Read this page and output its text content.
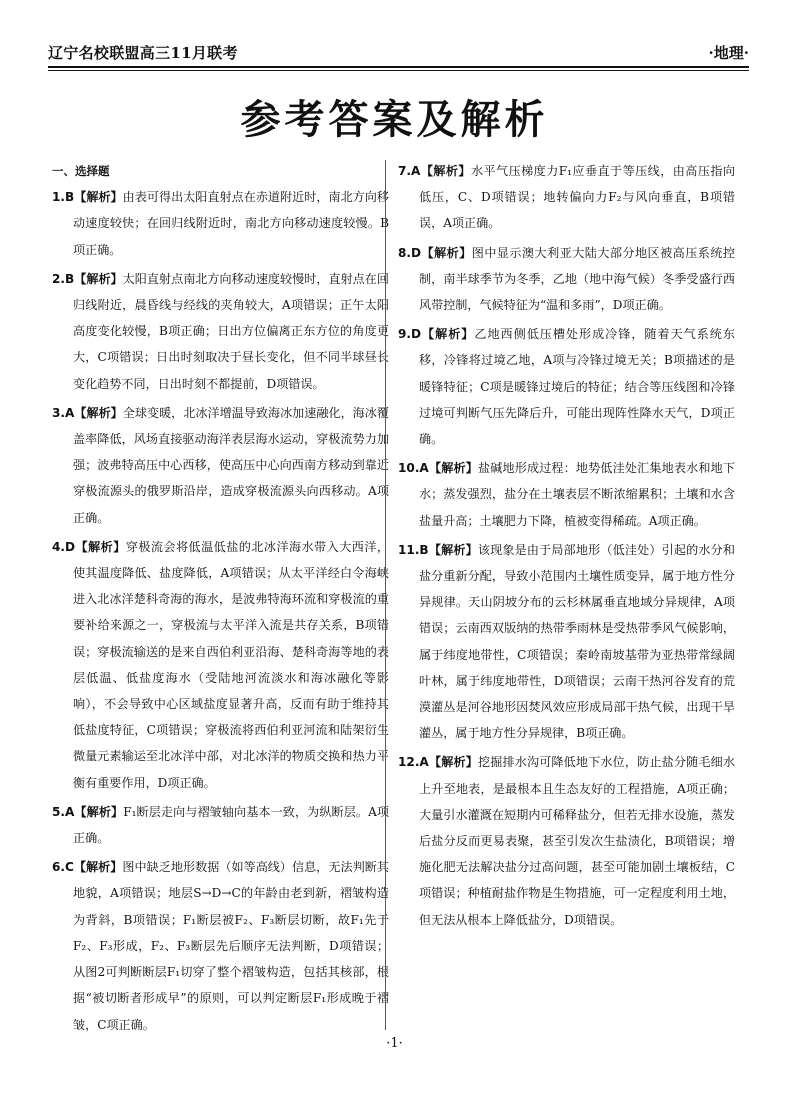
辽宁名校联盟高三11月联考	·地理·
参考答案及解析
一、选择题
1.B【解析】由表可得出太阳直射点在赤道附近时，南北方向移动速度较快；在回归线附近时，南北方向移动速度较慢。B项正确。
2.B【解析】太阳直射点南北方向移动速度较慢时，直射点在回归线附近，晨昏线与经线的夹角较大，A项错误；正午太阳高度变化较慢，B项正确；日出方位偏离正东方位的角度更大，C项错误；日出时刻取决于昼长变化，但不同半球昼长变化趋势不同，日出时刻不都提前，D项错误。
3.A【解析】全球变暖，北冰洋增温导致海冰加速融化，海冰覆盖率降低，风场直接驱动海洋表层海水运动，穿极流势力加强；波弗特高压中心西移，使高压中心向西南方移动到靠近穿极流源头的俄罗斯沿岸，造成穿极流源头向西移动。A项正确。
4.D【解析】穿极流会将低温低盐的北冰洋海水带入大西洋，使其温度降低、盐度降低，A项错误；从太平洋经白令海峡进入北冰洋楚科奇海的海水，是波弗特海环流和穿极流的重要补给来源之一，穿极流与太平洋入流是共存关系，B项错误；穿极流输送的是来自西伯利亚沿海、楚科奇海等地的表层低温、低盐度海水（受陆地河流淡水和海冰融化等影响），不会导致中心区域盐度显著升高，反而有助于维持其低盐度特征，C项错误；穿极流将西伯利亚河流和陆架衍生微量元素输运至北冰洋中部，对北冰洋的物质交换和热力平衡有重要作用，D项正确。
5.A【解析】F₁断层走向与褶皱轴向基本一致，为纵断层。A项正确。
6.C【解析】图中缺乏地形数据（如等高线）信息，无法判断其地貌，A项错误；地层S→D→C的年龄由老到新，褶皱构造为背斜，B项错误；F₁断层被F₂、F₃断层切断，故F₁先于F₂、F₃形成，F₂、F₃断层先后顺序无法判断，D项错误；从图2可判断断层F₁切穿了整个褶皱构造，包括其核部，根据“被切断者形成早”的原则，可以判定断层F₁形成晚于褶皱，C项正确。
7.A【解析】水平气压梯度力F₁应垂直于等压线，由高压指向低压，C、D项错误；地转偏向力F₂与风向垂直，B项错误，A项正确。
8.D【解析】图中显示澳大利亚大陆大部分地区被高压系统控制，南半球季节为冬季，乙地（地中海气候）冬季受盛行西风带控制，气候特征为“温和多雨”，D项正确。
9.D【解析】乙地西侧低压槽处形成冷锋，随着天气系统东移，冷锋将过境乙地，A项与冷锋过境无关；B项描述的是暖锋特征；C项是暖锋过境后的特征；结合等压线图和冷锋过境可判断气压先降后升，可能出现阵性降水天气，D项正确。
10.A【解析】盐碱地形成过程：地势低洼处汇集地表水和地下水；蒸发强烈，盐分在土壤表层不断浓缩累积；土壤和水含盐量升高；土壤肥力下降，植被变得稀疏。A项正确。
11.B【解析】该现象是由于局部地形（低洼处）引起的水分和盐分重新分配，导致小范围内土壤性质变异，属于地方性分异规律。天山阴坡分布的云杉林属垂直地域分异规律，A项错误；云南西双版纳的热带季雨林是受热带季风气候影响，属于纬度地带性，C项错误；秦岭南坡基带为亚热带常绿阔叶林，属于纬度地带性，D项错误；云南干热河谷发育的荒漠灌丛是河谷地形因焚风效应形成局部干热气候，出现干旱灌丛，属于地方性分异规律，B项正确。
12.A【解析】挖掘排水沟可降低地下水位，防止盐分随毛细水上升至地表，是最根本且生态友好的工程措施，A项正确；大量引水灌溉在短期内可稀释盐分，但若无排水设施，蒸发后盐分反而更易表聚，甚至引发次生盐渍化，B项错误；增施化肥无法解决盐分过高问题，甚至可能加剧土壤板结，C项错误；种植耐盐作物是生物措施，可一定程度利用土地，但无法从根本上降低盐分，D项错误。
·1·
